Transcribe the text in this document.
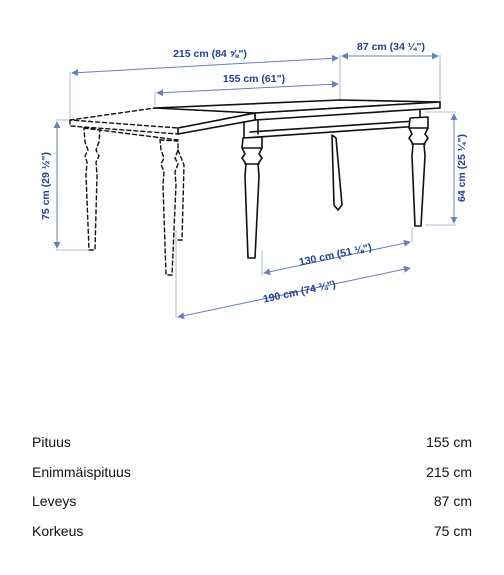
215 cm (84 ⅝")
87 cm (34 ¼")
155 cm (61")
75 cm (29 ½")	64 cm (25 ¼")
130 cm (51 ⅛")
190 cm (74 ¾")
Pituus	155 cm
Enimmäispituus	215 cm
Leveys	87 cm
Korkeus	75 cm
